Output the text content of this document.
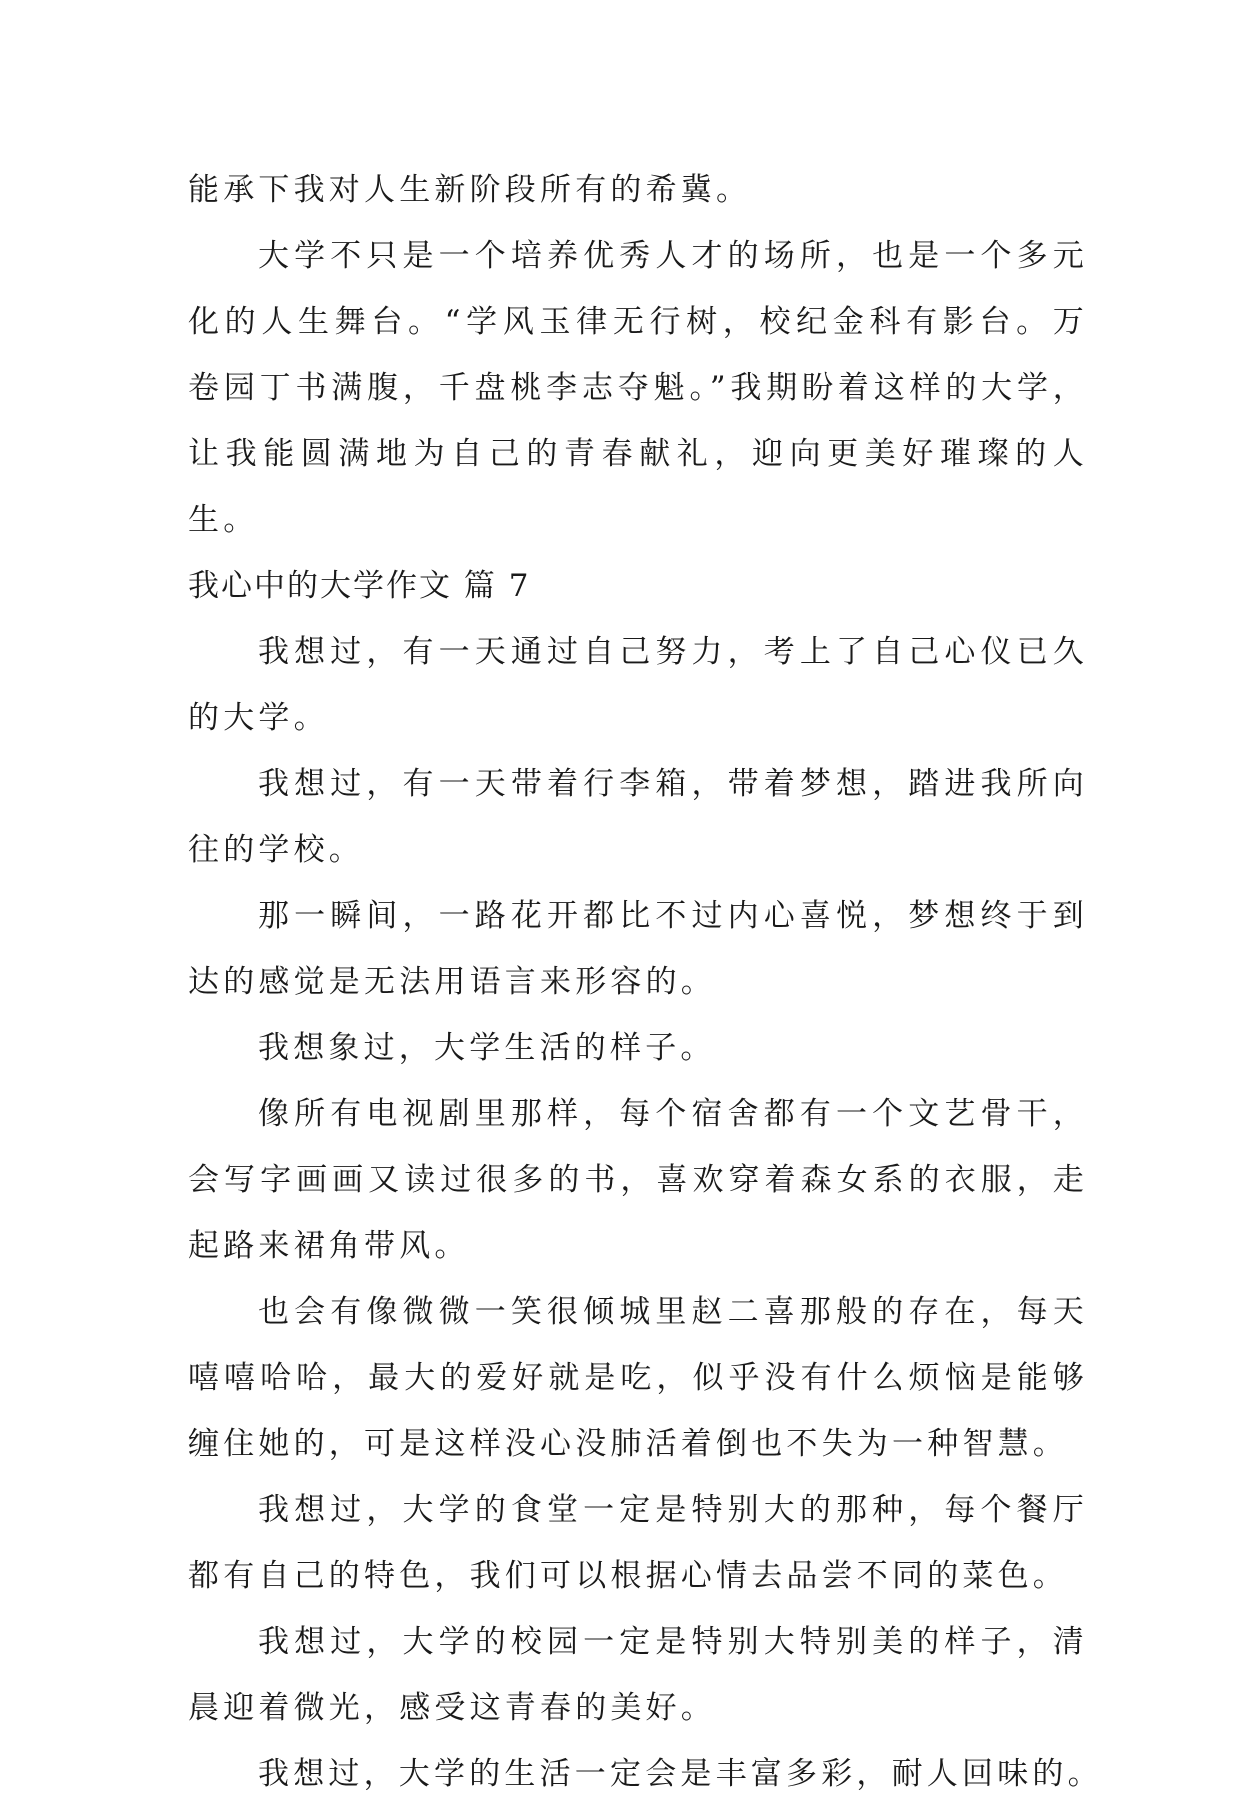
能承下我对人生新阶段所有的希冀。

大学不只是一个培养优秀人才的场所，也是一个多元化的人生舞台。“学风玉律无行树，校纪金科有影台。万卷园丁书满腹，千盘桃李志夺魁。”我期盼着这样的大学，让我能圆满地为自己的青春献礼，迎向更美好璀璨的人生。

我心中的大学作文 篇 7

我想过，有一天通过自己努力，考上了自己心仪已久的大学。

我想过，有一天带着行李箱，带着梦想，踏进我所向往的学校。

那一瞬间，一路花开都比不过内心喜悦，梦想终于到达的感觉是无法用语言来形容的。

我想象过，大学生活的样子。

像所有电视剧里那样，每个宿舍都有一个文艺骨干，会写字画画又读过很多的书，喜欢穿着森女系的衣服，走起路来裙角带风。

也会有像微微一笑很倾城里赵二喜那般的存在，每天嘻嘻哈哈，最大的爱好就是吃，似乎没有什么烦恼是能够缠住她的，可是这样没心没肺活着倒也不失为一种智慧。

我想过，大学的食堂一定是特别大的那种，每个餐厅都有自己的特色，我们可以根据心情去品尝不同的菜色。

我想过，大学的校园一定是特别大特别美的样子，清晨迎着微光，感受这青春的美好。

我想过，大学的生活一定会是丰富多彩，耐人回味的。
